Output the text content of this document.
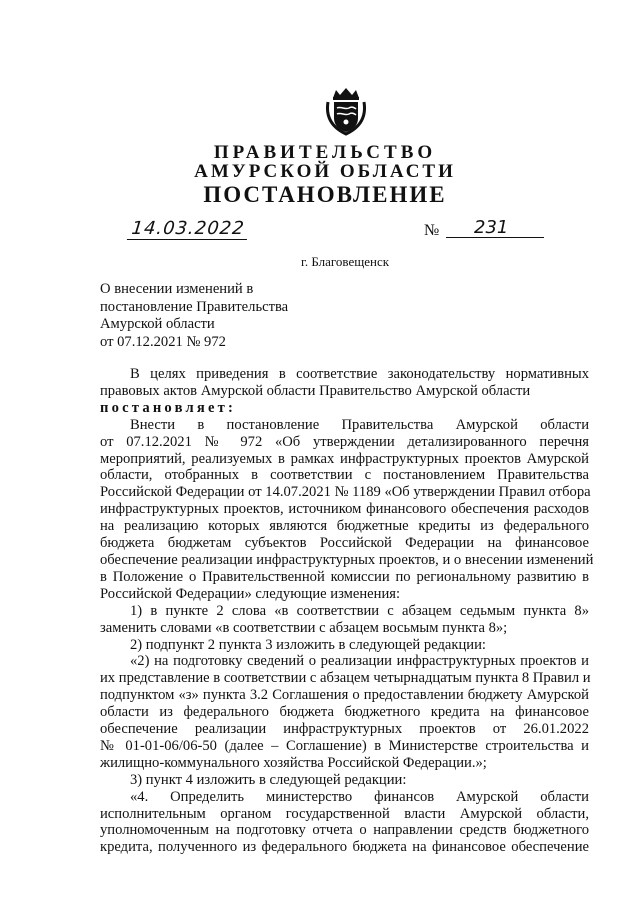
ПРАВИТЕЛЬСТВО
АМУРСКОЙ ОБЛАСТИ
ПОСТАНОВЛЕНИЕ
14.03.2022	№	231
г. Благовещенск
О внесении изменений в
постановление Правительства
Амурской области
от 07.12.2021 № 972
В целях приведения в соответствие законодательству нормативных
правовых актов Амурской области Правительство Амурской области
постановляет:
Внести в постановление Правительства Амурской области
от 07.12.2021 № 972 «Об утверждении детализированного перечня
мероприятий, реализуемых в рамках инфраструктурных проектов Амурской
области, отобранных в соответствии с постановлением Правительства
Российской Федерации от 14.07.2021 № 1189 «Об утверждении Правил отбора
инфраструктурных проектов, источником финансового обеспечения расходов
на реализацию которых являются бюджетные кредиты из федерального
бюджета бюджетам субъектов Российской Федерации на финансовое
обеспечение реализации инфраструктурных проектов, и о внесении изменений
в Положение о Правительственной комиссии по региональному развитию в
Российской Федерации» следующие изменения:
1) в пункте 2 слова «в соответствии с абзацем седьмым пункта 8»
заменить словами «в соответствии с абзацем восьмым пункта 8»;
2) подпункт 2 пункта 3 изложить в следующей редакции:
«2) на подготовку сведений о реализации инфраструктурных проектов и
их представление в соответствии с абзацем четырнадцатым пункта 8 Правил и
подпунктом «з» пункта 3.2 Соглашения о предоставлении бюджету Амурской
области из федерального бюджета бюджетного кредита на финансовое
обеспечение реализации инфраструктурных проектов от 26.01.2022
№ 01-01-06/06-50 (далее – Соглашение) в Министерстве строительства и
жилищно-коммунального хозяйства Российской Федерации.»;
3) пункт 4 изложить в следующей редакции:
«4. Определить министерство финансов Амурской области
исполнительным органом государственной власти Амурской области,
уполномоченным на подготовку отчета о направлении средств бюджетного
кредита, полученного из федерального бюджета на финансовое обеспечение
